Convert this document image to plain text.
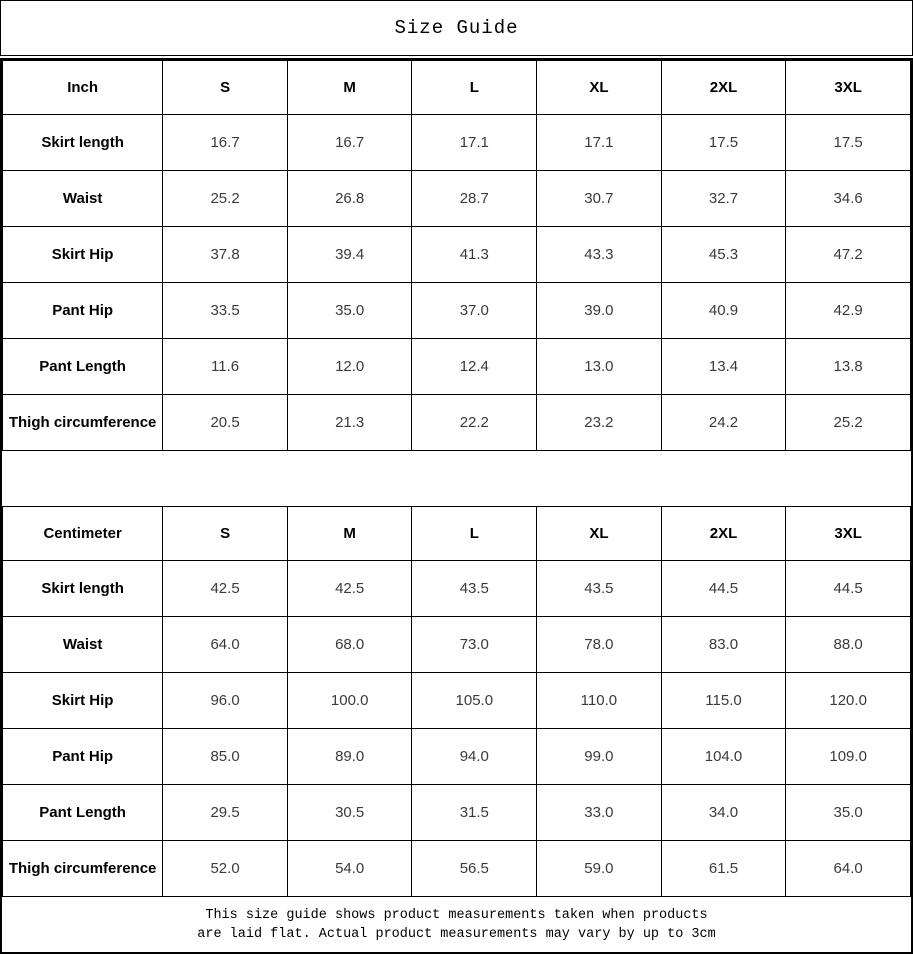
Size Guide
Inch	S	M	L	XL	2XL	3XL
Skirt length	16.7	16.7	17.1	17.1	17.5	17.5
Waist	25.2	26.8	28.7	30.7	32.7	34.6
Skirt Hip	37.8	39.4	41.3	43.3	45.3	47.2
Pant Hip	33.5	35.0	37.0	39.0	40.9	42.9
Pant Length	11.6	12.0	12.4	13.0	13.4	13.8
Thigh circumference	20.5	21.3	22.2	23.2	24.2	25.2
Centimeter	S	M	L	XL	2XL	3XL
Skirt length	42.5	42.5	43.5	43.5	44.5	44.5
Waist	64.0	68.0	73.0	78.0	83.0	88.0
Skirt Hip	96.0	100.0	105.0	110.0	115.0	120.0
Pant Hip	85.0	89.0	94.0	99.0	104.0	109.0
Pant Length	29.5	30.5	31.5	33.0	34.0	35.0
Thigh circumference	52.0	54.0	56.5	59.0	61.5	64.0
This size guide shows product measurements taken when products
are laid flat. Actual product measurements may vary by up to 3cm
